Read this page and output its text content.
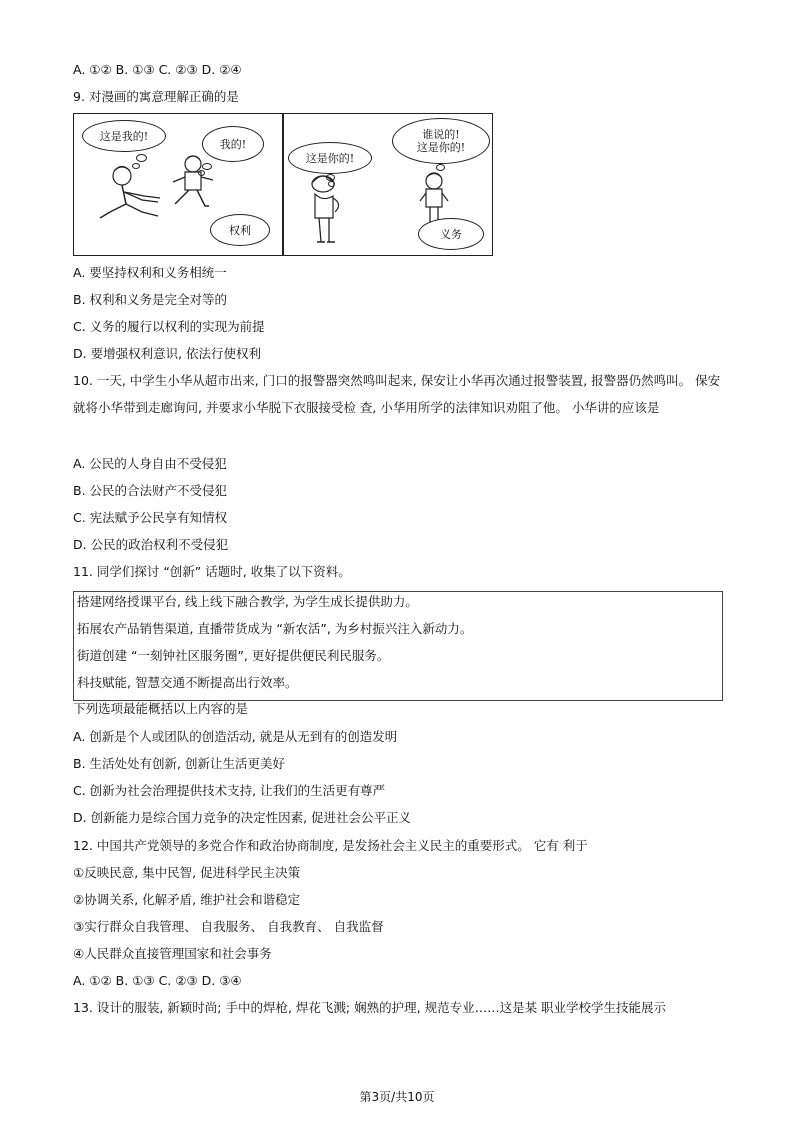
A. ①② B. ①③ C. ②③ D. ②④
9. 对漫画的寓意理解正确的是
这是我的!
我的!
权利
这是你的!
谁说的!
这是你的!
义务
A. 要坚持权利和义务相统一
B. 权利和义务是完全对等的
C. 义务的履行以权利的实现为前提
D. 要增强权利意识, 依法行使权利
10. 一天, 中学生小华从超市出来, 门口的报警器突然鸣叫起来, 保安让小华再次通过报警装置, 报警器仍然鸣叫。 保安就将小华带到走廊询问, 并要求小华脱下衣服接受检 查, 小华用所学的法律知识劝阻了他。 小华讲的应该是
A. 公民的人身自由不受侵犯
B. 公民的合法财产不受侵犯
C. 宪法赋予公民享有知情权
D. 公民的政治权利不受侵犯
11. 同学们探讨 “创新” 话题时, 收集了以下资料。
搭建网络授课平台, 线上线下融合教学, 为学生成长提供助力。
拓展农产品销售渠道, 直播带货成为 “新农活”, 为乡村振兴注入新动力。
街道创建 “一刻钟社区服务圈”, 更好提供便民利民服务。
科技赋能, 智慧交通不断提高出行效率。
下列选项最能概括以上内容的是
A. 创新是个人或团队的创造活动, 就是从无到有的创造发明
B. 生活处处有创新, 创新让生活更美好
C. 创新为社会治理提供技术支持, 让我们的生活更有尊严
D. 创新能力是综合国力竞争的决定性因素, 促进社会公平正义
12. 中国共产党领导的多党合作和政治协商制度, 是发扬社会主义民主的重要形式。 它有 利于
①反映民意, 集中民智, 促进科学民主决策
②协调关系, 化解矛盾, 维护社会和谐稳定
③实行群众自我管理、 自我服务、 自我教育、 自我监督
④人民群众直接管理国家和社会事务
A. ①② B. ①③ C. ②③ D. ③④
13. 设计的服装, 新颖时尚; 手中的焊枪, 焊花飞溅; 娴熟的护理, 规范专业……这是某 职业学校学生技能展示
第3页/共10页
